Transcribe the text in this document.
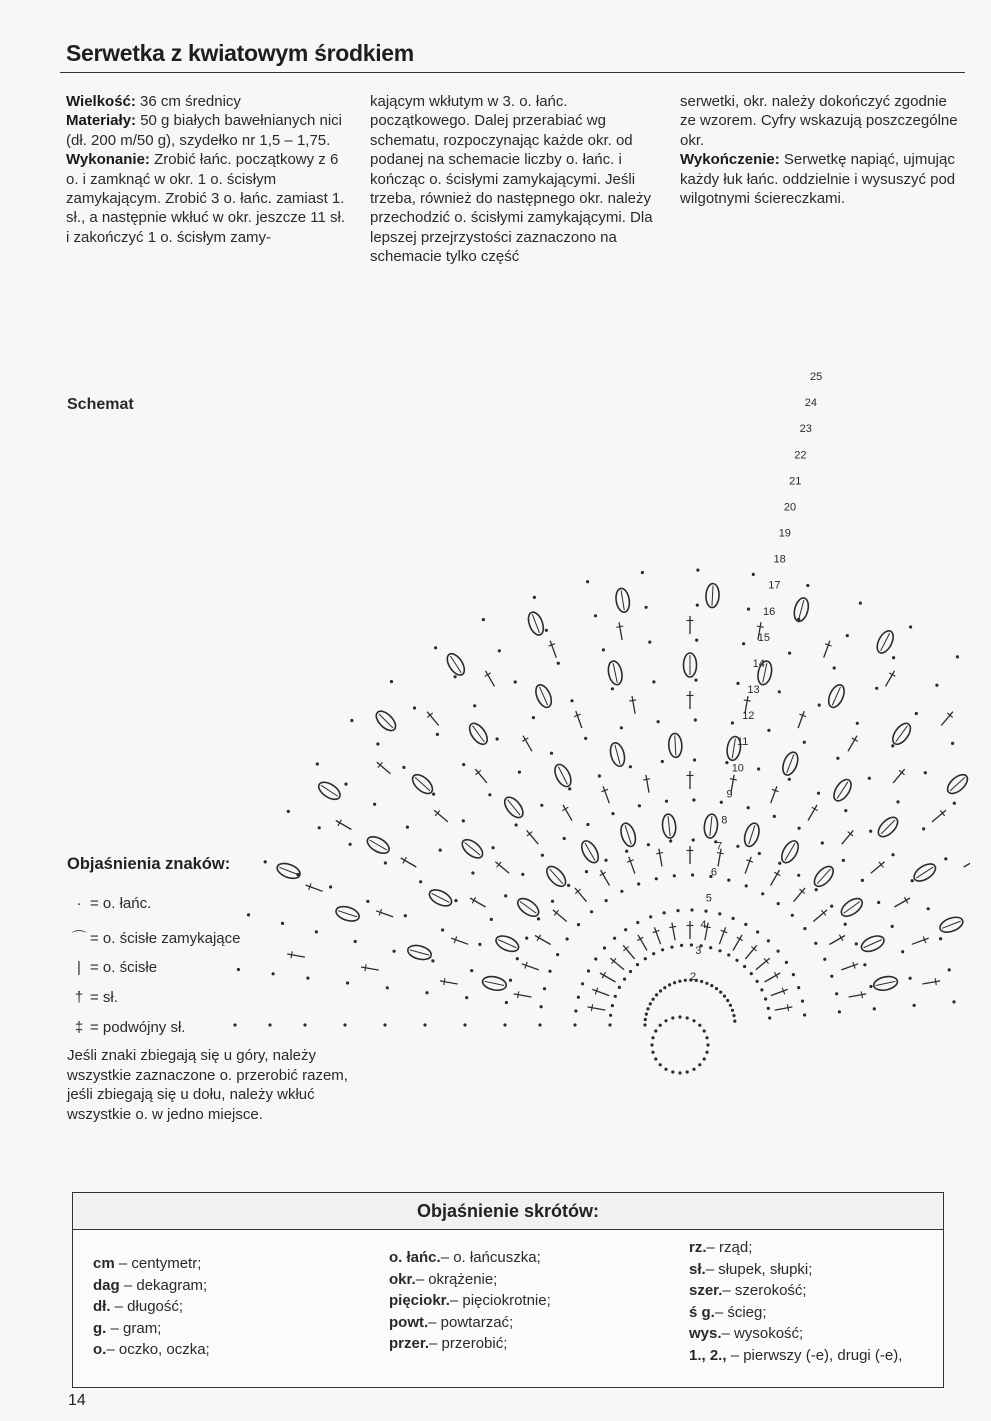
Serwetka z kwiatowym środkiem

Wielkość: 36 cm średnicy

Materiały: 50 g białych bawełnianych nici (dł. 200 m/50 g), szydełko nr 1,5 – 1,75.

Wykonanie: Zrobić łańc. początkowy z 6 o. i zamknąć w okr. 1 o. ścisłym zamykającym. Zrobić 3 o. łańc. zamiast 1. sł., a następnie wkłuć w okr. jeszcze 11 sł. i zakończyć 1 o. ścisłym zamy-

kającym wkłutym w 3. o. łańc. początkowego. Dalej przerabiać wg schematu, rozpoczynając każde okr. od podanej na schemacie liczby o. łańc. i kończąc o. ścisłymi zamykającymi. Jeśli trzeba, również do następnego okr. należy przechodzić o. ścisłymi zamykającymi. Dla lepszej przejrzystości zaznaczono na schemacie tylko część

serwetki, okr. należy dokończyć zgodnie ze wzorem. Cyfry wskazują poszczególne okr.

Wykończenie: Serwetkę napiąć, ujmując każdy łuk łańc. oddzielnie i wysuszyć pod wilgotnymi ściereczkami.

Schemat
2
3
4
5
6
7
8
9
10
11
12
13
14
15
16
17
18
19
20
21
22
23
24
25
Objaśnienia znaków:
· = o. łańc.
⌒ = o. ścisłe zamykające
| = o. ścisłe
† = sł.
‡ = podwójny sł.
Jeśli znaki zbiegają się u góry, należy wszystkie zaznaczone o. przerobić razem, jeśli zbiegają się u dołu, należy wkłuć wszystkie o. w jedno miejsce.
Objaśnienie skrótów:
cm – centymetr;
dag – dekagram;
dł. – długość;
g. – gram;
o.– oczko, oczka;
o. łańc.– o. łańcuszka;
okr.– okrążenie;
pięciokr.– pięciokrotnie;
powt.– powtarzać;
przer.– przerobić;
rz.– rząd;
sł.– słupek, słupki;
szer.– szerokość;
ś g.– ścieg;
wys.– wysokość;
1., 2., – pierwszy (-e), drugi (-e),
14
